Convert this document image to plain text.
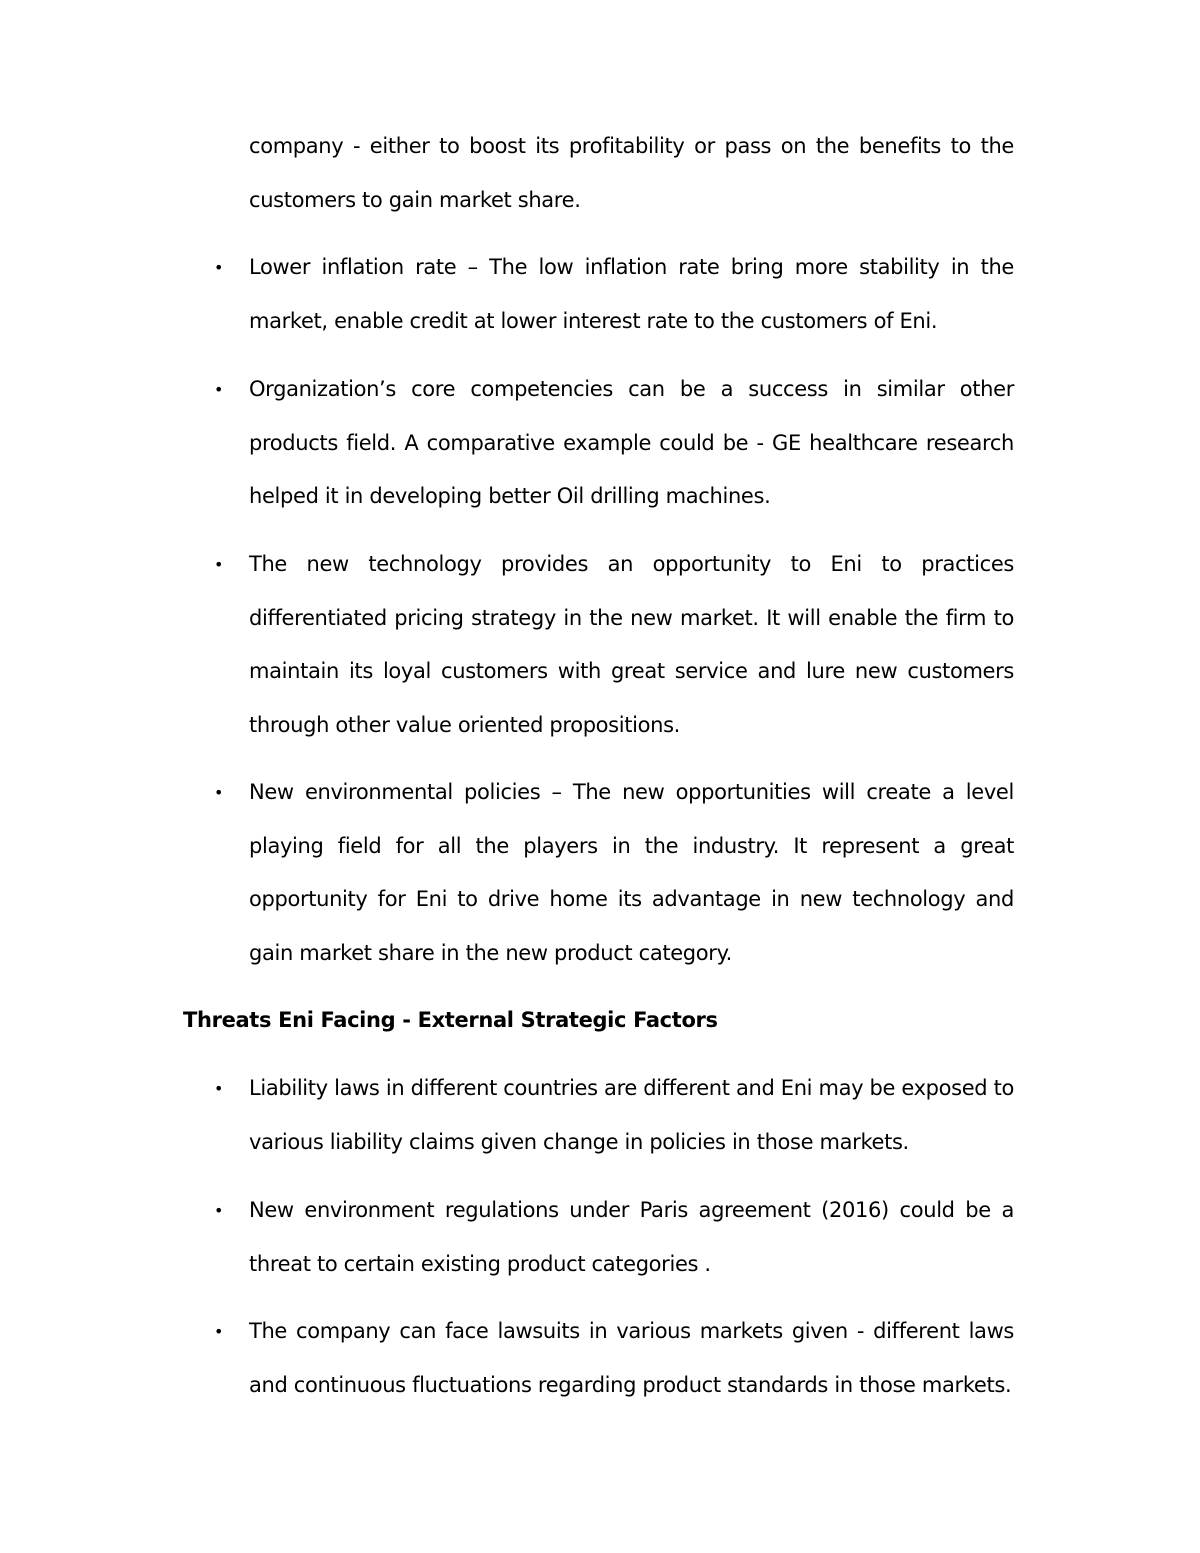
company - either to boost its profitability or pass on the benefits to the customers to gain market share.
• Lower inflation rate – The low inflation rate bring more stability in the market, enable credit at lower interest rate to the customers of Eni.
• Organization’s core competencies can be a success in similar other products field. A comparative example could be - GE healthcare research helped it in developing better Oil drilling machines.
• The new technology provides an opportunity to Eni to practices differentiated pricing strategy in the new market. It will enable the firm to maintain its loyal customers with great service and lure new customers through other value oriented propositions.
• New environmental policies – The new opportunities will create a level playing field for all the players in the industry. It represent a great opportunity for Eni to drive home its advantage in new technology and gain market share in the new product category.
Threats Eni Facing - External Strategic Factors
• Liability laws in different countries are different and Eni may be exposed to various liability claims given change in policies in those markets.
• New environment regulations under Paris agreement (2016) could be a threat to certain existing product categories .
• The company can face lawsuits in various markets given - different laws and continuous fluctuations regarding product standards in those markets.
